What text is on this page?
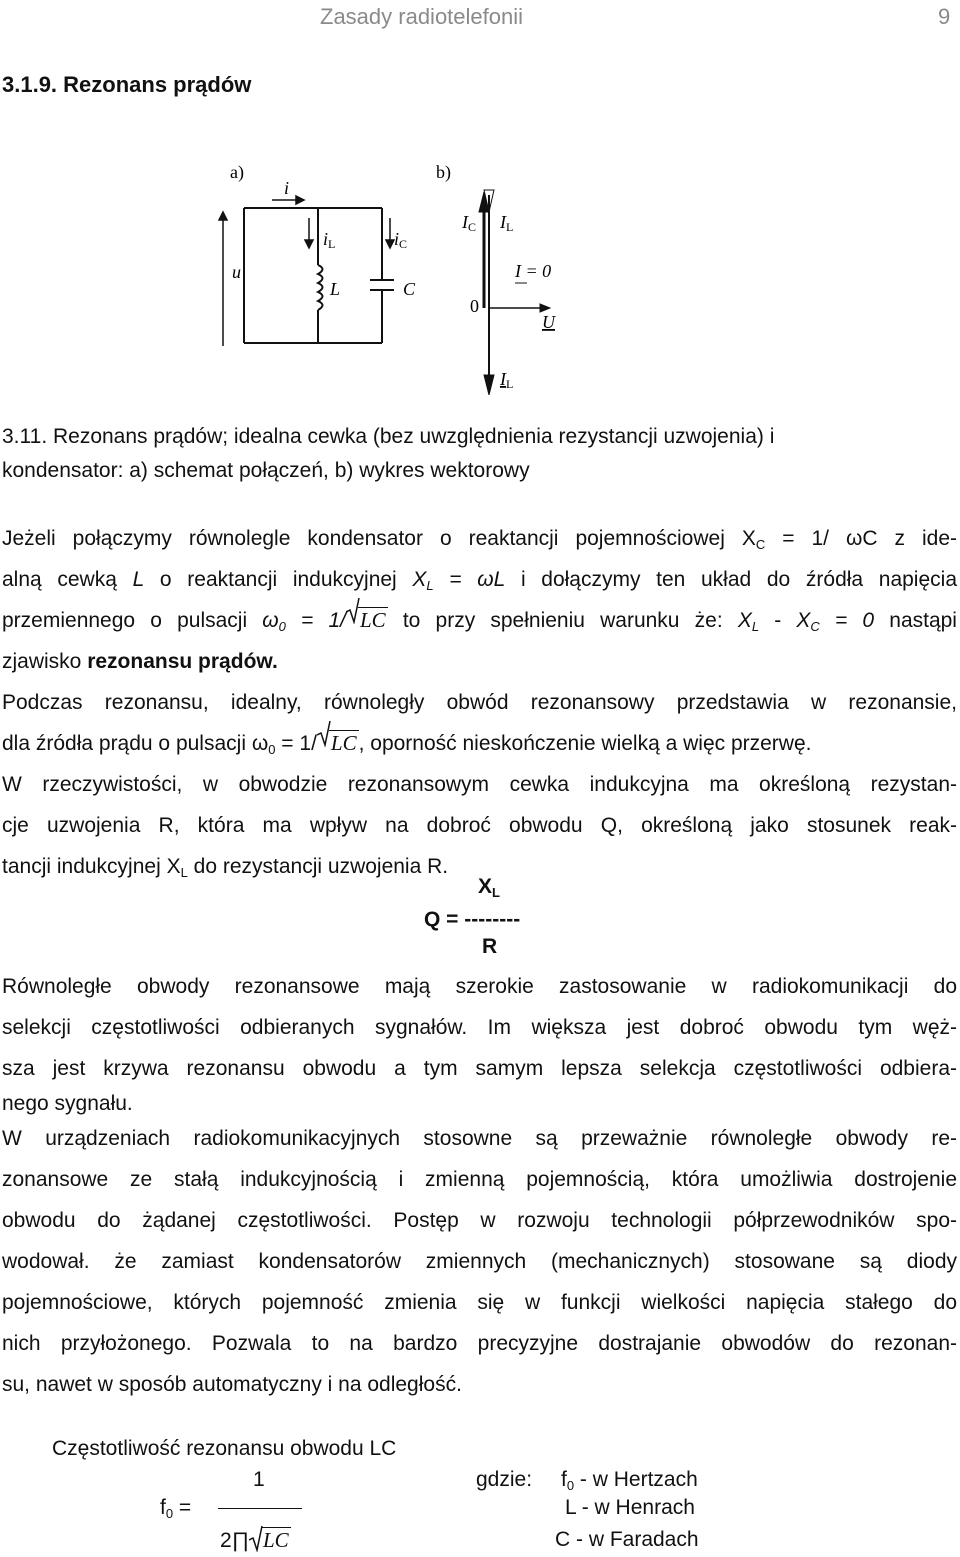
Zasady radiotelefonii	9
3.1.9. Rezonans prądów
a)
i
u
iL	iC
L	C
b)
IC IL
I = 0
0
U
IL
3.11. Rezonans prądów; idealna cewka (bez uwzględnienia rezystancji uzwojenia) i
kondensator: a) schemat połączeń, b) wykres wektorowy
Jeżeli połączymy równolegle kondensator o reaktancji pojemnościowej $X_C = 1/$ ωC z ide-
alną cewką L o reaktancji indukcyjnej $X_L = \omega L$ i dołączymy ten układ do źródła napięcia
przemiennego o pulsacji $\omega_0 = 1/$ LC to przy spełnieniu warunku że: $X_L - X_C = 0$ nastąpi
zjawisko rezonansu prądów.
Podczas rezonansu, idealny, równoległy obwód rezonansowy przedstawia w rezonansie,
dla źródła prądu o pulsacji $\omega_0 = 1/$ LC, oporność nieskończenie wielką a więc przerwę.
W rzeczywistości, w obwodzie rezonansowym cewka indukcyjna ma określoną rezystan-
cje uzwojenia R, która ma wpływ na dobroć obwodu Q, określoną jako stosunek reak-
tancji indukcyjnej $X_L$ do rezystancji uzwojenia R.
$X_L$
Q = --------
R
Równoległe obwody rezonansowe mają szerokie zastosowanie w radiokomunikacji do
selekcji częstotliwości odbieranych sygnałów. Im większa jest dobroć obwodu tym węż-
sza jest krzywa rezonansu obwodu a tym samym lepsza selekcja częstotliwości odbiera-
nego sygnału.
W urządzeniach radiokomunikacyjnych stosowne są przeważnie równoległe obwody re-
zonansowe ze stałą indukcyjnością i zmienną pojemnością, która umożliwia dostrojenie
obwodu do żądanej częstotliwości. Postęp w rozwoju technologii półprzewodników spo-
wodował. że zamiast kondensatorów zmiennych (mechanicznych) stosowane są diody
pojemnościowe, których pojemność zmienia się w funkcji wielkości napięcia stałego do
nich przyłożonego. Pozwala to na bardzo precyzyjne dostrajanie obwodów do rezonan-
su, nawet w sposób automatyczny i na odległość.
Częstotliwość rezonansu obwodu LC
1
$f_0$ =
2∏ LC
gdzie: $f_0$ - w Hertzach
L - w Henrach
C - w Faradach
